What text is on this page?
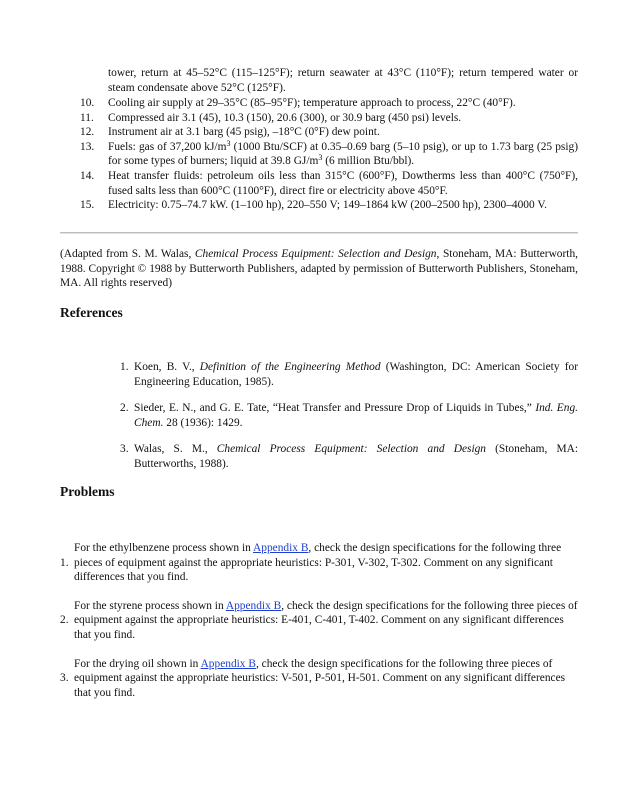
tower, return at 45–52°C (115–125°F); return seawater at 43°C (110°F); return tempered water or steam condensate above 52°C (125°F).
10.	Cooling air supply at 29–35°C (85–95°F); temperature approach to process, 22°C (40°F).
11.	Compressed air 3.1 (45), 10.3 (150), 20.6 (300), or 30.9 barg (450 psi) levels.
12.	Instrument air at 3.1 barg (45 psig), –18°C (0°F) dew point.
13.	Fuels: gas of 37,200 $kJ/m^3$ (1000 Btu/SCF) at 0.35–0.69 barg (5–10 psig), or up to 1.73 barg (25 psig) for some types of burners; liquid at 39.8 $GJ/m^3$ (6 million Btu/bbl).
14.	Heat transfer fluids: petroleum oils less than 315°C (600°F), Dowtherms less than 400°C (750°F), fused salts less than 600°C (1100°F), direct fire or electricity above 450°F.
15.	Electricity: 0.75–74.7 kW. (1–100 hp), 220–550 V; 149–1864 kW (200–2500 hp), 2300–4000 V.
(Adapted from S. M. Walas, Chemical Process Equipment: Selection and Design, Stoneham, MA: Butterworth, 1988. Copyright © 1988 by Butterworth Publishers, adapted by permission of Butterworth Publishers, Stoneham, MA. All rights reserved)
References
1. Koen, B. V., Definition of the Engineering Method (Washington, DC: American Society for Engineering Education, 1985).
2. Sieder, E. N., and G. E. Tate, “Heat Transfer and Pressure Drop of Liquids in Tubes,” Ind. Eng. Chem. 28 (1936): 1429.
3. Walas, S. M., Chemical Process Equipment: Selection and Design (Stoneham, MA: Butterworths, 1988).
Problems
1.
For the ethylbenzene process shown in Appendix B, check the design specifications for the following three pieces of equipment against the appropriate heuristics: P-301, V-302, T-302. Comment on any significant differences that you find.
2.
For the styrene process shown in Appendix B, check the design specifications for the following three pieces of equipment against the appropriate heuristics: E-401, C-401, T-402. Comment on any significant differences that you find.
3.
For the drying oil shown in Appendix B, check the design specifications for the following three pieces of equipment against the appropriate heuristics: V-501, P-501, H-501. Comment on any significant differences that you find.
